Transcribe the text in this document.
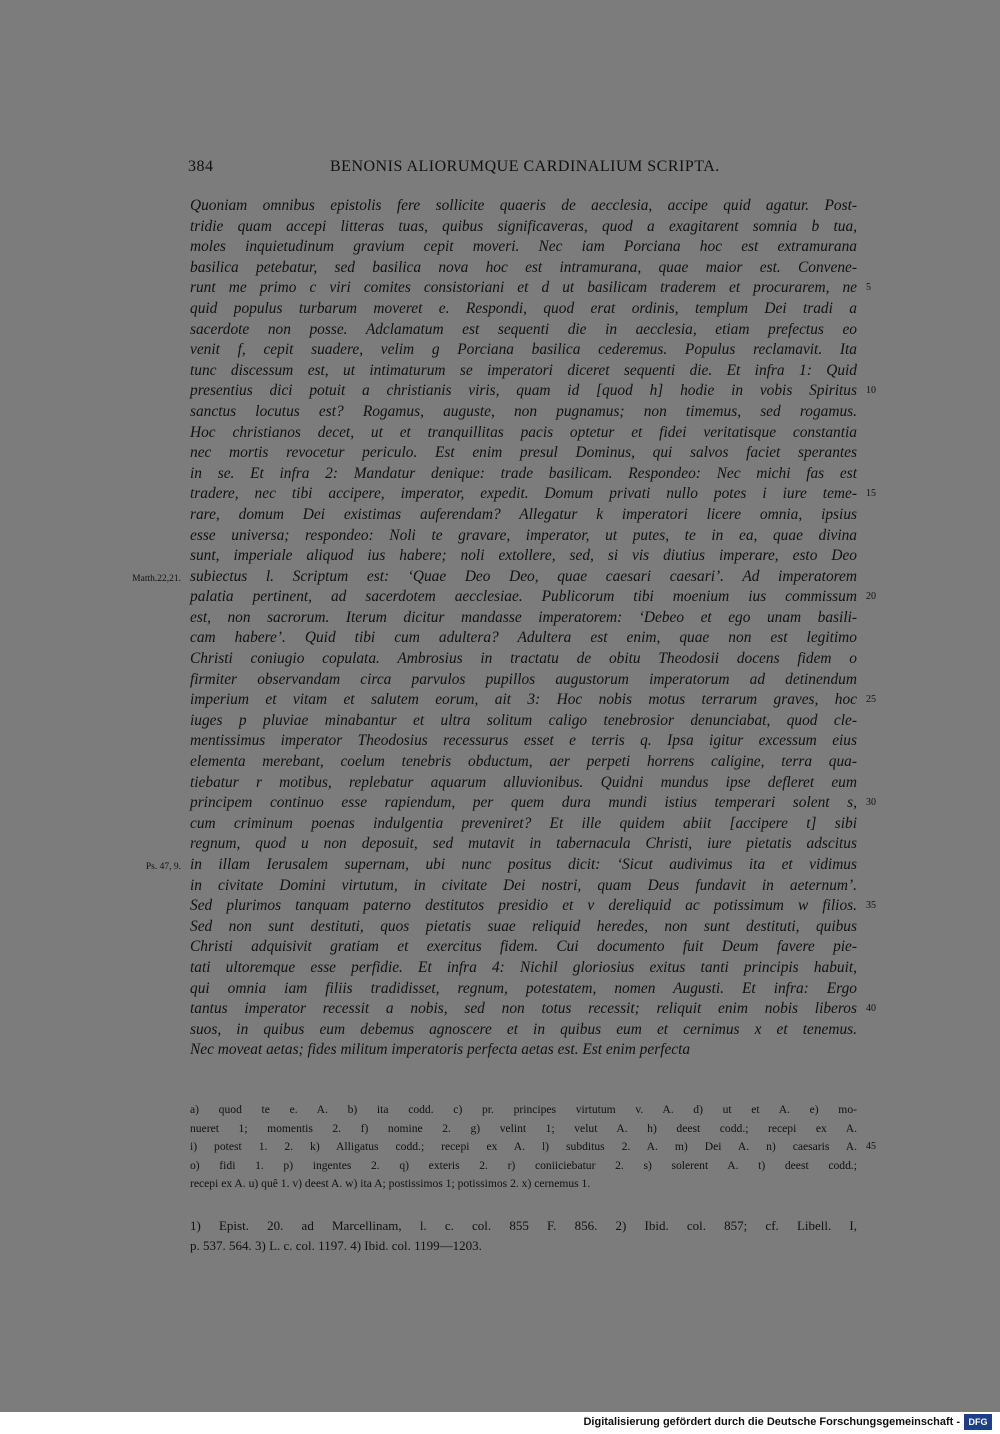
384	BENONIS ALIORUMQUE CARDINALIUM SCRIPTA.
Quoniam omnibus epistolis fere sollicite quaeris de aecclesia, accipe quid agatur. Post-
tridie quam accepi litteras tuas, quibus significaveras, quod a exagitarent somnia b tua,
moles inquietudinum gravium cepit moveri. Nec iam Porciana hoc est extramurana
basilica petebatur, sed basilica nova hoc est intramurana, quae maior est. Convene-
runt me primo c viri comites consistoriani et d ut basilicam traderem et procurarem, ne 5
quid populus turbarum moveret e. Respondi, quod erat ordinis, templum Dei tradi a
sacerdote non posse. Adclamatum est sequenti die in aecclesia, etiam prefectus eo
venit f, cepit suadere, velim g Porciana basilica cederemus. Populus reclamavit. Ita
tunc discessum est, ut intimaturum se imperatori diceret sequenti die. Et infra 1: Quid
presentius dici potuit a christianis viris, quam id [quod h] hodie in vobis Spiritus 10
sanctus locutus est? Rogamus, auguste, non pugnamus; non timemus, sed rogamus.
Hoc christianos decet, ut et tranquillitas pacis optetur et fidei veritatisque constantia
nec mortis revocetur periculo. Est enim presul Dominus, qui salvos faciet sperantes
in se. Et infra 2: Mandatur denique: trade basilicam. Respondeo: Nec michi fas est
tradere, nec tibi accipere, imperator, expedit. Domum privati nullo potes i iure teme- 15
rare, domum Dei existimas auferendam? Allegatur k imperatori licere omnia, ipsius
esse universa; respondeo: Noli te gravare, imperator, ut putes, te in ea, quae divina
sunt, imperiale aliquod ius habere; noli extollere, sed, si vis diutius imperare, esto Deo
subiectus l. Scriptum est: ‘Quae Deo Deo, quae caesari caesari’. Ad imperatorem
Matth.22,21.
palatia pertinent, ad sacerdotem aecclesiae. Publicorum tibi moenium ius commissum 20
est, non sacrorum. Iterum dicitur mandasse imperatorem: ‘Debeo et ego unam basili-
cam habere’. Quid tibi cum adultera? Adultera est enim, quae non est legitimo
Christi coniugio copulata. Ambrosius in tractatu de obitu Theodosii docens fidem o
firmiter observandam circa parvulos pupillos augustorum imperatorum ad detinendum
imperium et vitam et salutem eorum, ait 3: Hoc nobis motus terrarum graves, hoc 25
iuges p pluviae minabantur et ultra solitum caligo tenebrosior denunciabat, quod cle-
mentissimus imperator Theodosius recessurus esset e terris q. Ipsa igitur excessum eius
elementa merebant, coelum tenebris obductum, aer perpeti horrens caligine, terra qua-
tiebatur r motibus, replebatur aquarum alluvionibus. Quidni mundus ipse defleret eum
principem continuo esse rapiendum, per quem dura mundi istius temperari solent s, 30
cum criminum poenas indulgentia preveniret? Et ille quidem abiit [accipere t] sibi
regnum, quod u non deposuit, sed mutavit in tabernacula Christi, iure pietatis adscitus
in illam Ierusalem supernam, ubi nunc positus dicit: ‘Sicut audivimus ita et vidimus
Ps. 47, 9.
in civitate Domini virtutum, in civitate Dei nostri, quam Deus fundavit in aeternum’.
Sed plurimos tanquam paterno destitutos presidio et v dereliquid ac potissimum w filios. 35
Sed non sunt destituti, quos pietatis suae reliquid heredes, non sunt destituti, quibus
Christi adquisivit gratiam et exercitus fidem. Cui documento fuit Deum favere pie-
tati ultoremque esse perfidie. Et infra 4: Nichil gloriosius exitus tanti principis habuit,
qui omnia iam filiis tradidisset, regnum, potestatem, nomen Augusti. Et infra: Ergo
tantus imperator recessit a nobis, sed non totus recessit; reliquit enim nobis liberos 40
suos, in quibus eum debemus agnoscere et in quibus eum et cernimus x et tenemus.
Nec moveat aetas; fides militum imperatoris perfecta aetas est. Est enim perfecta
a) quod te e. A. b) ita codd. c) pr. principes virtutum v. A. d) ut et A. e) mo-
nueret 1; momentis 2. f) nomine 2. g) velint 1; velut A. h) deest codd.; recepi ex A.
i) potest 1. 2. k) Alligatus codd.; recepi ex A. l) subditus 2. A. m) Dei A. n) caesaris A. 45
o) fidi 1. p) ingentes 2. q) exteris 2. r) coniiciebatur 2. s) solerent A. t) deest codd.;
recepi ex A. u) quê 1. v) deest A. w) ita A; postissimos 1; potissimos 2. x) cernemus 1.
1) Epist. 20. ad Marcellinam, l. c. col. 855 F. 856. 2) Ibid. col. 857; cf. Libell. I,
p. 537. 564. 3) L. c. col. 1197. 4) Ibid. col. 1199—1203.
Digitalisierung gefördert durch die Deutsche Forschungsgemeinschaft - DFG
